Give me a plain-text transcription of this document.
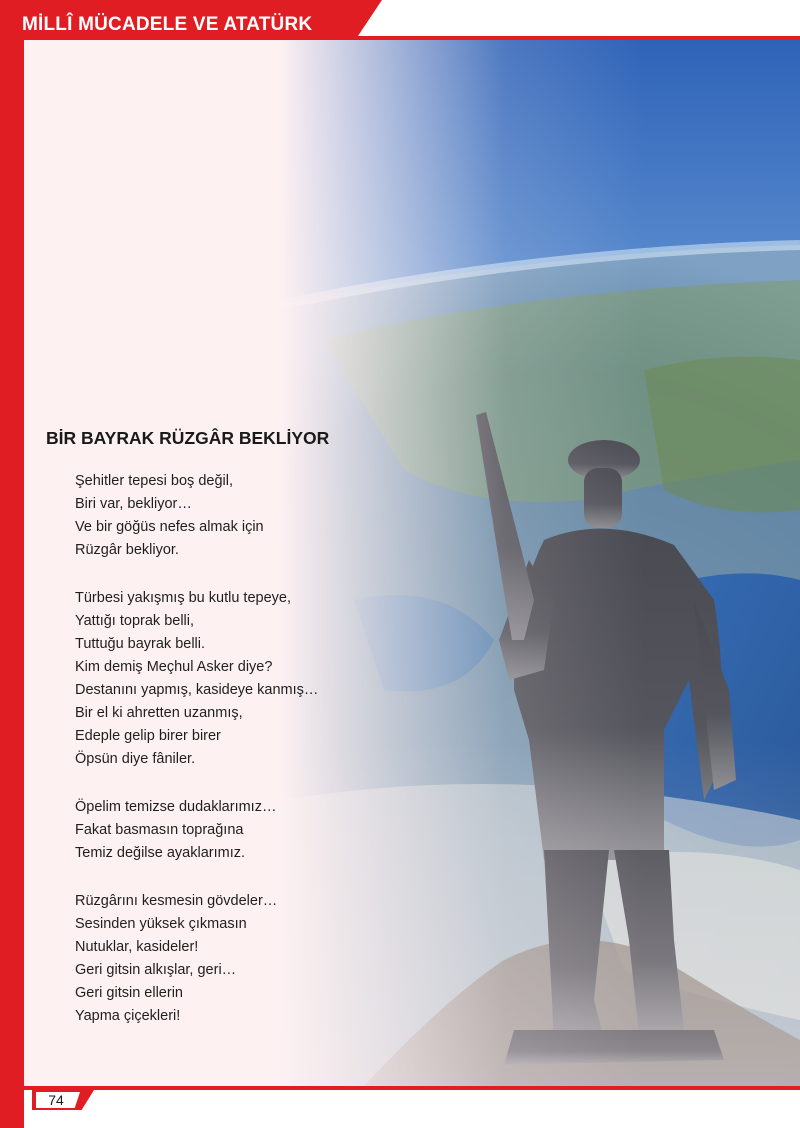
MİLLÎ MÜCADELE VE ATATÜRK
BİR BAYRAK RÜZGÂR BEKLİYOR
Şehitler tepesi boş değil,
Biri var, bekliyor…
Ve bir göğüs nefes almak için
Rüzgâr bekliyor.
Türbesi yakışmış bu kutlu tepeye,
Yattığı toprak belli,
Tuttuğu bayrak belli.
Kim demiş Meçhul Asker diye?
Destanını yapmış, kasideye kanmış…
Bir el ki ahretten uzanmış,
Edeple gelip birer birer
Öpsün diye fâniler.
Öpelim temizse dudaklarımız…
Fakat basmasın toprağına
Temiz değilse ayaklarımız.
Rüzgârını kesmesin gövdeler…
Sesinden yüksek çıkmasın
Nutuklar, kasideler!
Geri gitsin alkışlar, geri…
Geri gitsin ellerin
Yapma çiçekleri!
74
